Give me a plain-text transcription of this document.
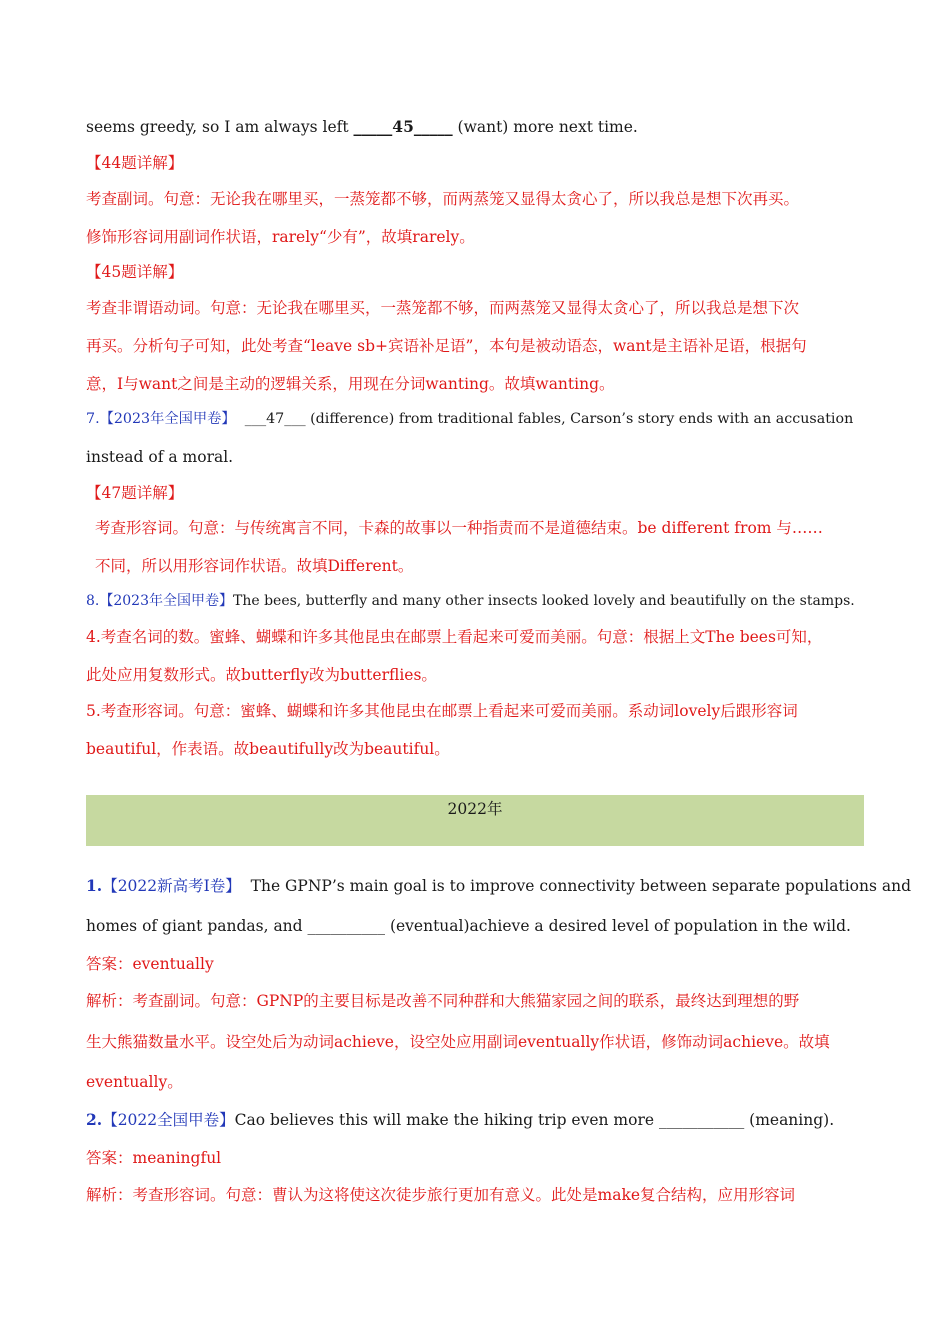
seems greedy, so I am always left _____45_____ (want) more next time.
【44题详解】
考查副词。句意：无论我在哪里买，一蒸笼都不够，而两蒸笼又显得太贪心了，所以我总是想下次再买。
修饰形容词用副词作状语，rarely“少有”，故填rarely。
【45题详解】
考查非谓语动词。句意：无论我在哪里买，一蒸笼都不够，而两蒸笼又显得太贪心了，所以我总是想下次
再买。分析句子可知，此处考查“leave sb+宾语补足语”，本句是被动语态，want是主语补足语，根据句
意，I与want之间是主动的逻辑关系，用现在分词wanting。故填wanting。
7.【2023年全国甲卷】 ___47___ (difference) from traditional fables, Carson’s story ends with an accusation
instead of a moral.
【47题详解】
考查形容词。句意：与传统寓言不同，卡森的故事以一种指责而不是道德结束。be different from 与……
不同，所以用形容词作状语。故填Different。
8.【2023年全国甲卷】The bees, butterfly and many other insects looked lovely and beautifully on the stamps.
4.考查名词的数。蜜蜂、蝴蝶和许多其他昆虫在邮票上看起来可爱而美丽。句意：根据上文The bees可知，
此处应用复数形式。故butterfly改为butterflies。
5.考查形容词。句意：蜜蜂、蝴蝶和许多其他昆虫在邮票上看起来可爱而美丽。系动词lovely后跟形容词
beautiful，作表语。故beautifully改为beautiful。
2022年
1.【2022新高考I卷】 The GPNP’s main goal is to improve connectivity between separate populations and
homes of giant pandas, and __________ (eventual)achieve a desired level of population in the wild.
答案：eventually
解析：考查副词。句意：GPNP的主要目标是改善不同种群和大熊猫家园之间的联系，最终达到理想的野
生大熊猫数量水平。设空处后为动词achieve，设空处应用副词eventually作状语，修饰动词achieve。故填
eventually。
2.【2022全国甲卷】Cao believes this will make the hiking trip even more ___________ (meaning).
答案：meaningful
解析：考查形容词。句意：曹认为这将使这次徒步旅行更加有意义。此处是make复合结构，应用形容词
